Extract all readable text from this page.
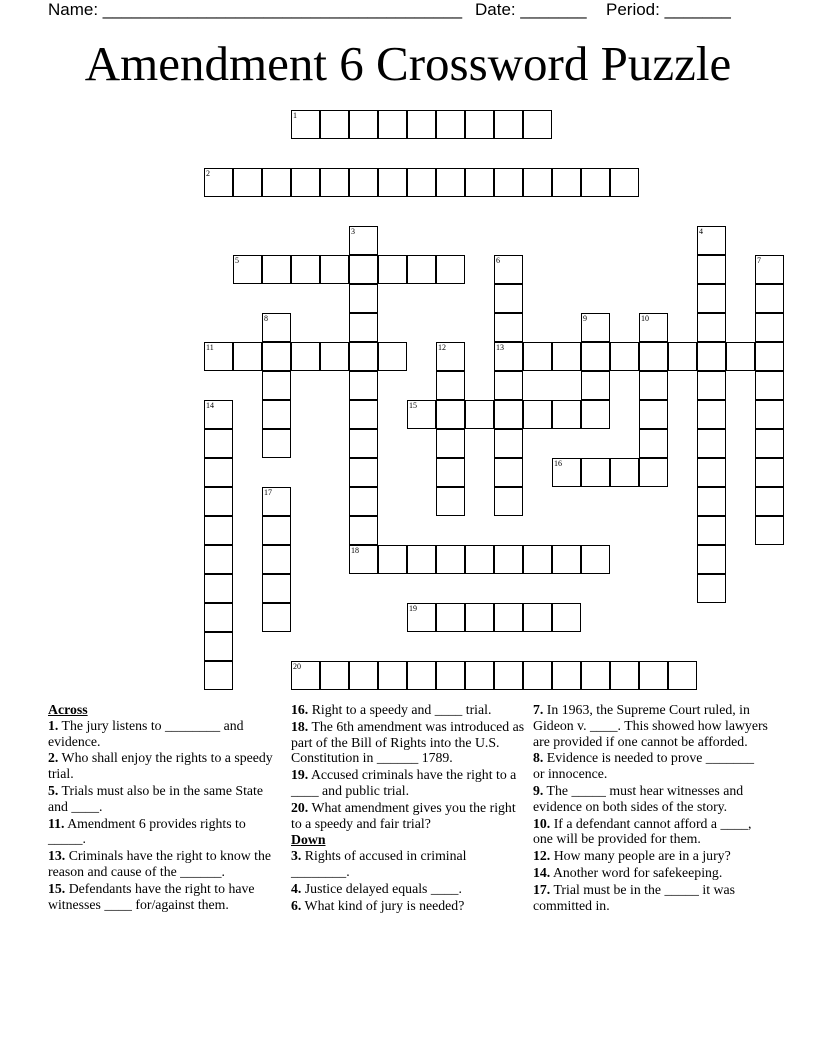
Name: ______________________________________ Date: _______ Period: _______
Amendment 6 Crossword Puzzle
1
2
3
18
4
5	6
13
7
8	9	10
11	12
14	15
16
17
19
20
Across
1. The jury listens to ________ and evidence.
2. Who shall enjoy the rights to a speedy trial.
5. Trials must also be in the same State and ____.
11. Amendment 6 provides rights to _____.
13. Criminals have the right to know the reason and cause of the ______.
15. Defendants have the right to have witnesses ____ for/against them.
16. Right to a speedy and ____ trial.
18. The 6th amendment was introduced as part of the Bill of Rights into the U.S. Constitution in ______ 1789.
19. Accused criminals have the right to a ____ and public trial.
20. What amendment gives you the right to a speedy and fair trial?
Down
3. Rights of accused in criminal ________.
4. Justice delayed equals ____.
6. What kind of jury is needed?
7. In 1963, the Supreme Court ruled, in Gideon v. ____. This showed how lawyers are provided if one cannot be afforded.
8. Evidence is needed to prove _______ or innocence.
9. The _____ must hear witnesses and evidence on both sides of the story.
10. If a defendant cannot afford a ____, one will be provided for them.
12. How many people are in a jury?
14. Another word for safekeeping.
17. Trial must be in the _____ it was committed in.
